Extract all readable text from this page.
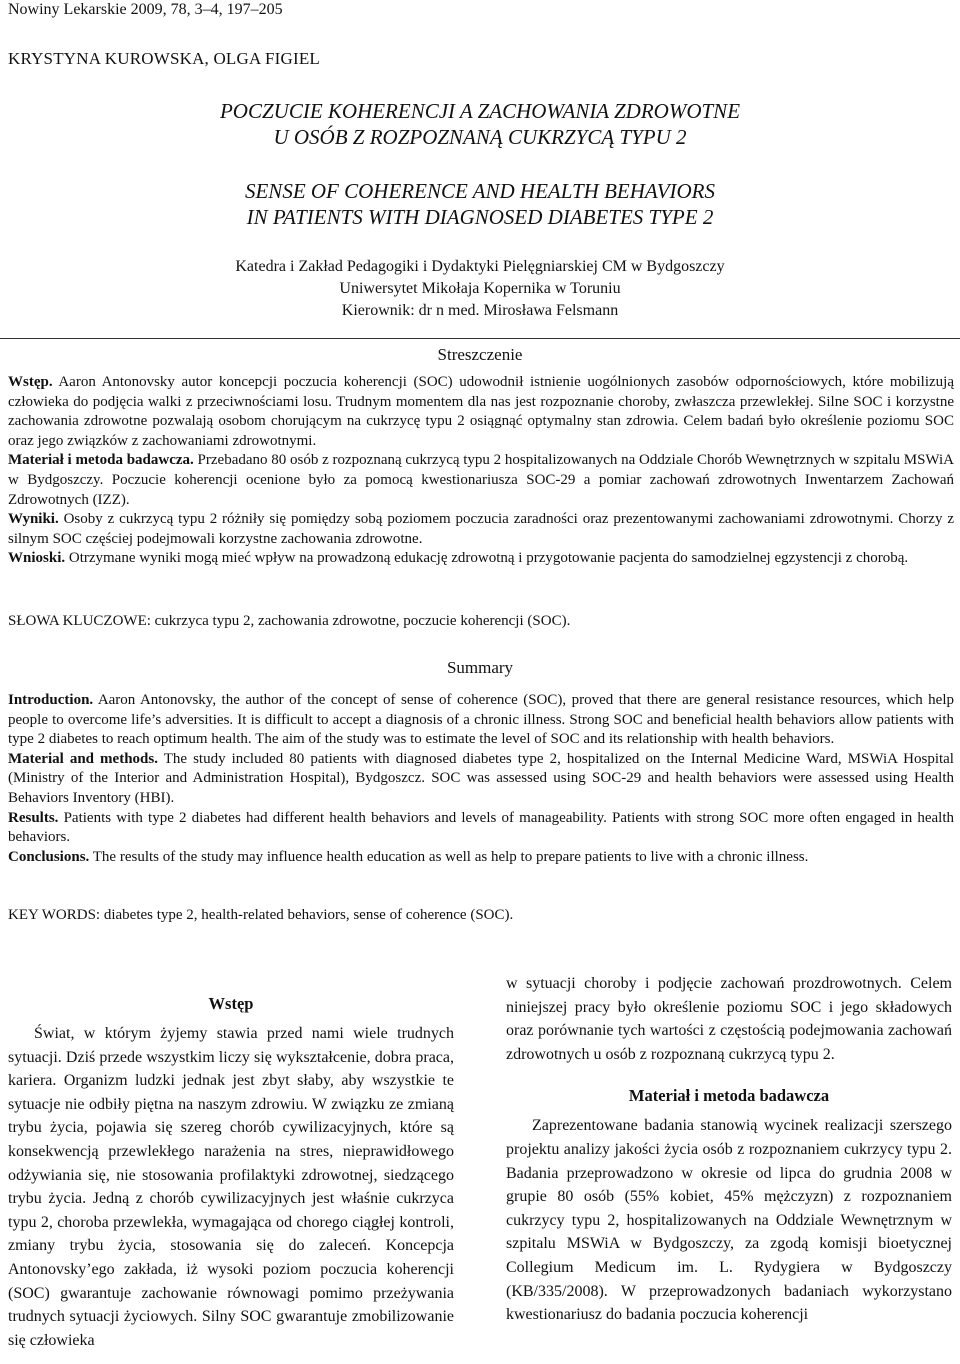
Nowiny Lekarskie 2009, 78, 3–4, 197–205
KRYSTYNA KUROWSKA, OLGA FIGIEL
POCZUCIE KOHERENCJI A ZACHOWANIA ZDROWOTNE
U OSÓB Z ROZPOZNANĄ CUKRZYCĄ TYPU 2
SENSE OF COHERENCE AND HEALTH BEHAVIORS
IN PATIENTS WITH DIAGNOSED DIABETES TYPE 2
Katedra i Zakład Pedagogiki i Dydaktyki Pielęgniarskiej CM w Bydgoszczy
Uniwersytet Mikołaja Kopernika w Toruniu
Kierownik: dr n med. Mirosława Felsmann
Streszczenie

Wstęp. Aaron Antonovsky autor koncepcji poczucia koherencji (SOC) udowodnił istnienie uogólnionych zasobów odpornościowych, które mobilizują człowieka do podjęcia walki z przeciwnościami losu. Trudnym momentem dla nas jest rozpoznanie choroby, zwłaszcza przewlekłej. Silne SOC i korzystne zachowania zdrowotne pozwalają osobom chorującym na cukrzycę typu 2 osiągnąć optymalny stan zdrowia. Celem badań było określenie poziomu SOC oraz jego związków z zachowaniami zdrowotnymi.

Materiał i metoda badawcza. Przebadano 80 osób z rozpoznaną cukrzycą typu 2 hospitalizowanych na Oddziale Chorób Wewnętrznych w szpitalu MSWiA w Bydgoszczy. Poczucie koherencji ocenione było za pomocą kwestionariusza SOC-29 a pomiar zachowań zdrowotnych Inwentarzem Zachowań Zdrowotnych (IZZ).

Wyniki. Osoby z cukrzycą typu 2 różniły się pomiędzy sobą poziomem poczucia zaradności oraz prezentowanymi zachowaniami zdrowotnymi. Chorzy z silnym SOC częściej podejmowali korzystne zachowania zdrowotne.

Wnioski. Otrzymane wyniki mogą mieć wpływ na prowadzoną edukację zdrowotną i przygotowanie pacjenta do samodzielnej egzystencji z chorobą.

SŁOWA KLUCZOWE: cukrzyca typu 2, zachowania zdrowotne, poczucie koherencji (SOC).
Summary

Introduction. Aaron Antonovsky, the author of the concept of sense of coherence (SOC), proved that there are general resistance resources, which help people to overcome life’s adversities. It is difficult to accept a diagnosis of a chronic illness. Strong SOC and beneficial health behaviors allow patients with type 2 diabetes to reach optimum health. The aim of the study was to estimate the level of SOC and its relationship with health behaviors.

Material and methods. The study included 80 patients with diagnosed diabetes type 2, hospitalized on the Internal Medicine Ward, MSWiA Hospital (Ministry of the Interior and Administration Hospital), Bydgoszcz. SOC was assessed using SOC-29 and health behaviors were assessed using Health Behaviors Inventory (HBI).

Results. Patients with type 2 diabetes had different health behaviors and levels of manageability. Patients with strong SOC more often engaged in health behaviors.

Conclusions. The results of the study may influence health education as well as help to prepare patients to live with a chronic illness.

KEY WORDS: diabetes type 2, health-related behaviors, sense of coherence (SOC).

Wstęp

Świat, w którym żyjemy stawia przed nami wiele trudnych sytuacji. Dziś przede wszystkim liczy się wykształcenie, dobra praca, kariera. Organizm ludzki jednak jest zbyt słaby, aby wszystkie te sytuacje nie odbiły piętna na naszym zdrowiu. W związku ze zmianą trybu życia, pojawia się szereg chorób cywilizacyjnych, które są konsekwencją przewlekłego narażenia na stres, nieprawidłowego odżywiania się, nie stosowania profilaktyki zdrowotnej, siedzącego trybu życia. Jedną z chorób cywilizacyjnych jest właśnie cukrzyca typu 2, choroba przewlekła, wymagająca od chorego ciągłej kontroli, zmiany trybu życia, stosowania się do zaleceń. Koncepcja Antonovsky’ego zakłada, iż wysoki poziom poczucia koherencji (SOC) gwarantuje zachowanie równowagi pomimo przeżywania trudnych sytuacji życiowych. Silny SOC gwarantuje zmobilizowanie się człowieka

w sytuacji choroby i podjęcie zachowań prozdrowotnych. Celem niniejszej pracy było określenie poziomu SOC i jego składowych oraz porównanie tych wartości z częstością podejmowania zachowań zdrowotnych u osób z rozpoznaną cukrzycą typu 2.

Materiał i metoda badawcza

Zaprezentowane badania stanowią wycinek realizacji szerszego projektu analizy jakości życia osób z rozpoznaniem cukrzycy typu 2. Badania przeprowadzono w okresie od lipca do grudnia 2008 w grupie 80 osób (55% kobiet, 45% mężczyzn) z rozpoznaniem cukrzycy typu 2, hospitalizowanych na Oddziale Wewnętrznym w szpitalu MSWiA w Bydgoszczy, za zgodą komisji bioetycznej Collegium Medicum im. L. Rydygiera w Bydgoszczy (KB/335/2008). W przeprowadzonych badaniach wykorzystano kwestionariusz do badania poczucia koherencji
